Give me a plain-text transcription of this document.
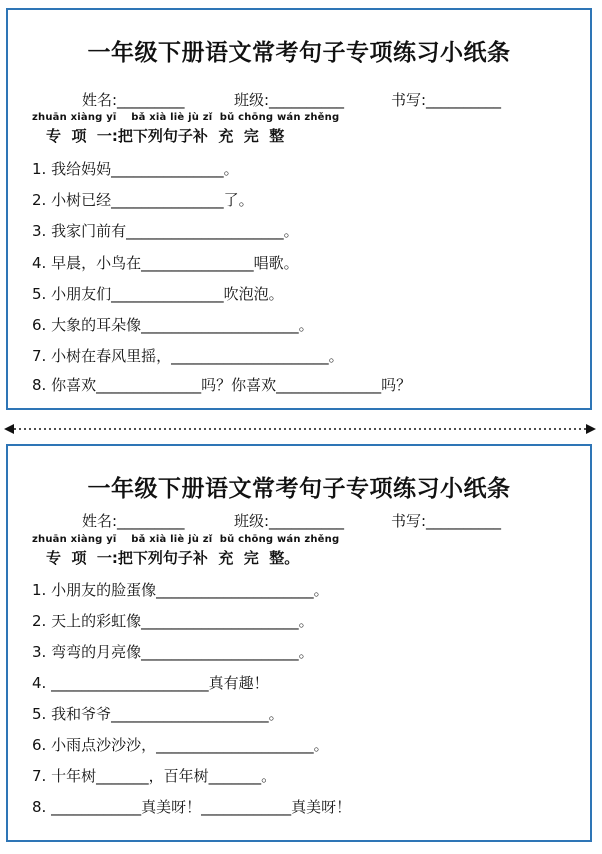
一年级下册语文常考句子专项练习小纸条
姓名:_________	班级:__________	书写:__________
zhuān xiàng yī    bǎ xià liè jù zǐ  bǔ chōng wán zhěng
专  项  一:把下列句子补  充  完  整
1. 我给妈妈_______________。
2. 小树已经_______________了。
3. 我家门前有_____________________。
4. 早晨，小鸟在_______________唱歌。
5. 小朋友们_______________吹泡泡。
6. 大象的耳朵像_____________________。
7. 小树在春风里摇，_____________________。
8. 你喜欢______________吗？你喜欢______________吗？
一年级下册语文常考句子专项练习小纸条
姓名:_________	班级:__________	书写:__________
zhuān xiàng yī    bǎ xià liè jù zǐ  bǔ chōng wán zhěng
专  项  一:把下列句子补  充  完  整。
1. 小朋友的脸蛋像_____________________。
2. 天上的彩虹像_____________________。
3. 弯弯的月亮像_____________________。
4. _____________________真有趣！
5. 我和爷爷_____________________。
6. 小雨点沙沙沙，_____________________。
7. 十年树_______，百年树_______。
8. ____________真美呀！____________真美呀！
